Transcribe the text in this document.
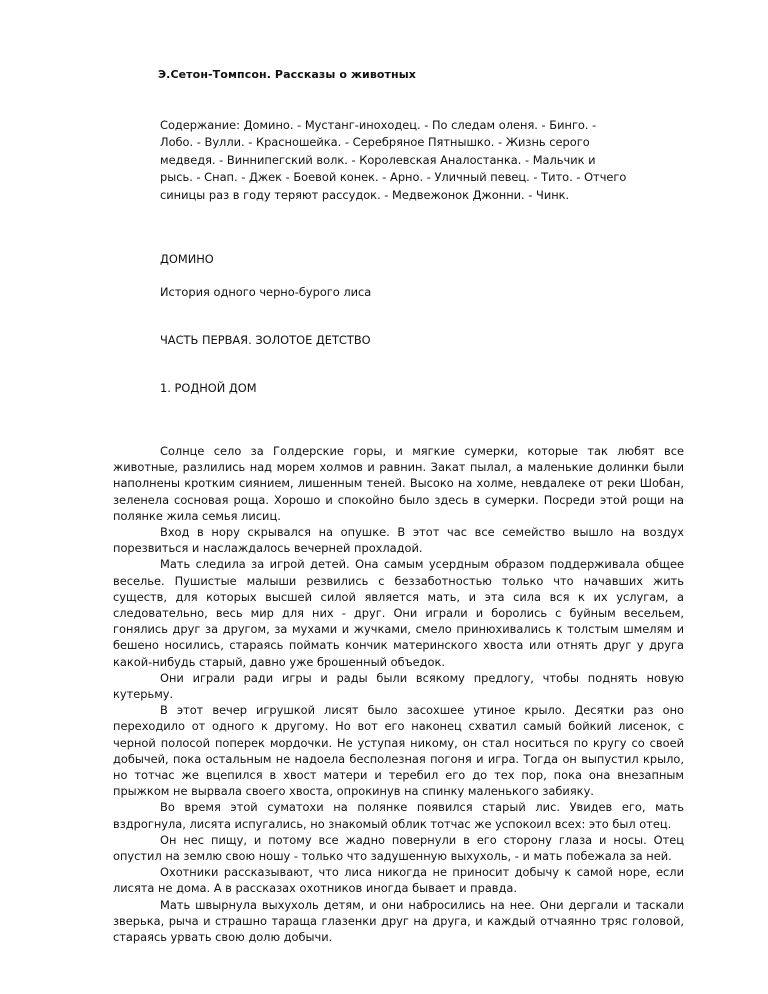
Э.Сетон-Томпсон. Рассказы о животных
Содержание: Домино. - Мустанг-иноходец. - По следам оленя. - Бинго. - Лобо. - Вулли. - Красношейка. - Серебряное Пятнышко. - Жизнь серого медведя. - Виннипегский волк. - Королевская Аналостанка. - Мальчик и рысь. - Снап. - Джек - Боевой конек. - Арно. - Уличный певец. - Тито. - Отчего синицы раз в году теряют рассудок. - Медвежонок Джонни. - Чинк.
ДОМИНО
История одного черно-бурого лиса
ЧАСТЬ ПЕРВАЯ. ЗОЛОТОЕ ДЕТСТВО
1. РОДНОЙ ДОМ

Солнце село за Голдерские горы, и мягкие сумерки, которые так любят все животные, разлились над морем холмов и равнин. Закат пылал, а маленькие долинки были наполнены кротким сиянием, лишенным теней. Высоко на холме, невдалеке от реки Шобан, зеленела сосновая роща. Хорошо и спокойно было здесь в сумерки. Посреди этой рощи на полянке жила семья лисиц.

Вход в нору скрывался на опушке. В этот час все семейство вышло на воздух порезвиться и наслаждалось вечерней прохладой.

Мать следила за игрой детей. Она самым усердным образом поддерживала общее веселье. Пушистые малыши резвились с беззаботностью только что начавших жить существ, для которых высшей силой является мать, и эта сила вся к их услугам, а следовательно, весь мир для них - друг. Они играли и боролись с буйным весельем, гонялись друг за другом, за мухами и жучками, смело принюхивались к толстым шмелям и бешено носились, стараясь поймать кончик материнского хвоста или отнять друг у друга какой-нибудь старый, давно уже брошенный объедок.

Они играли ради игры и рады были всякому предлогу, чтобы поднять новую кутерьму.

В этот вечер игрушкой лисят было засохшее утиное крыло. Десятки раз оно переходило от одного к другому. Но вот его наконец схватил самый бойкий лисенок, с черной полосой поперек мордочки. Не уступая никому, он стал носиться по кругу со своей добычей, пока остальным не надоела бесполезная погоня и игра. Тогда он выпустил крыло, но тотчас же вцепился в хвост матери и теребил его до тех пор, пока она внезапным прыжком не вырвала своего хвоста, опрокинув на спинку маленького забияку.

Во время этой суматохи на полянке появился старый лис. Увидев его, мать вздрогнула, лисята испугались, но знакомый облик тотчас же успокоил всех: это был отец.

Он нес пищу, и потому все жадно повернули в его сторону глаза и носы. Отец опустил на землю свою ношу - только что задушенную выхухоль, - и мать побежала за ней.

Охотники рассказывают, что лиса никогда не приносит добычу к самой норе, если лисята не дома. А в рассказах охотников иногда бывает и правда.

Мать швырнула выхухоль детям, и они набросились на нее. Они дергали и таскали зверька, рыча и страшно тараща глазенки друг на друга, и каждый отчаянно тряс головой, стараясь урвать свою долю добычи.
